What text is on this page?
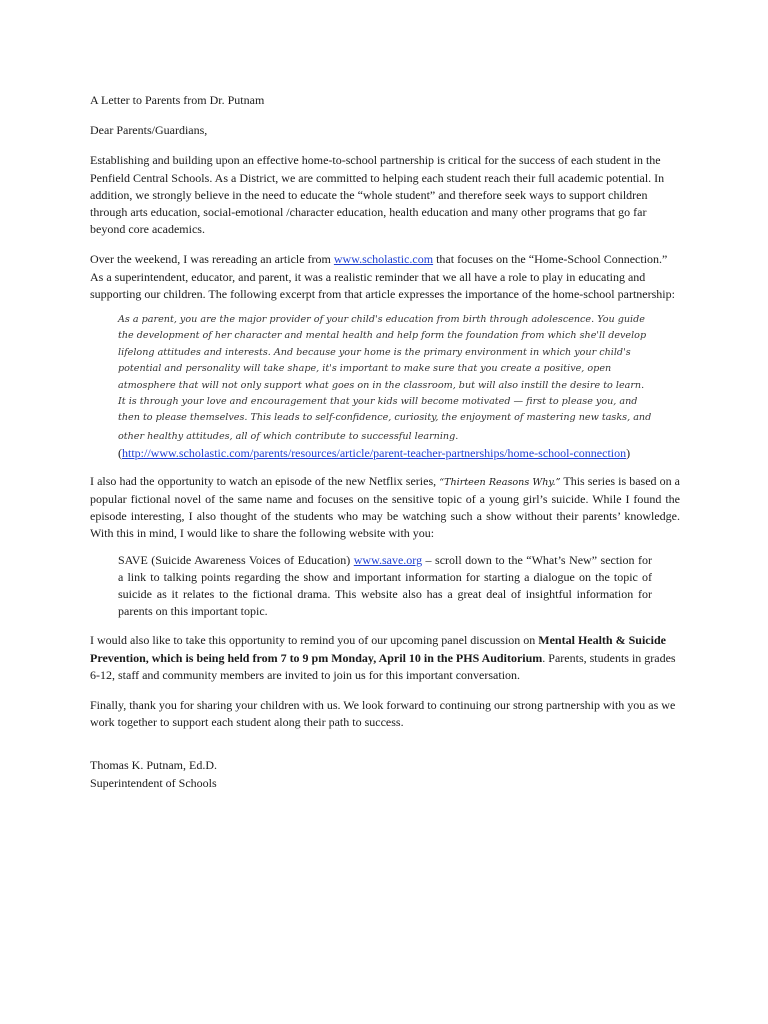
A Letter to Parents from Dr. Putnam

Dear Parents/Guardians,

Establishing and building upon an effective home-to-school partnership is critical for the success of each student in the Penfield Central Schools. As a District, we are committed to helping each student reach their full academic potential. In addition, we strongly believe in the need to educate the “whole student” and therefore seek ways to support children through arts education, social-emotional /character education, health education and many other programs that go far beyond core academics.

Over the weekend, I was rereading an article from www.scholastic.com that focuses on the “Home-School Connection.” As a superintendent, educator, and parent, it was a realistic reminder that we all have a role to play in educating and supporting our children. The following excerpt from that article expresses the importance of the home-school partnership:

As a parent, you are the major provider of your child's education from birth through adolescence. You guide the development of her character and mental health and help form the foundation from which she'll develop lifelong attitudes and interests. And because your home is the primary environment in which your child's potential and personality will take shape, it's important to make sure that you create a positive, open atmosphere that will not only support what goes on in the classroom, but will also instill the desire to learn. It is through your love and encouragement that your kids will become motivated — first to please you, and then to please themselves. This leads to self-confidence, curiosity, the enjoyment of mastering new tasks, and other healthy attitudes, all of which contribute to successful learning.
(http://www.scholastic.com/parents/resources/article/parent-teacher-partnerships/home-school-connection)

I also had the opportunity to watch an episode of the new Netflix series, “Thirteen Reasons Why.” This series is based on a popular fictional novel of the same name and focuses on the sensitive topic of a young girl’s suicide. While I found the episode interesting, I also thought of the students who may be watching such a show without their parents’ knowledge. With this in mind, I would like to share the following website with you:

SAVE (Suicide Awareness Voices of Education) www.save.org – scroll down to the “What’s New” section for a link to talking points regarding the show and important information for starting a dialogue on the topic of suicide as it relates to the fictional drama. This website also has a great deal of insightful information for parents on this important topic.

I would also like to take this opportunity to remind you of our upcoming panel discussion on Mental Health & Suicide Prevention, which is being held from 7 to 9 pm Monday, April 10 in the PHS Auditorium. Parents, students in grades 6-12, staff and community members are invited to join us for this important conversation.

Finally, thank you for sharing your children with us. We look forward to continuing our strong partnership with you as we work together to support each student along their path to success.

Thomas K. Putnam, Ed.D.

Superintendent of Schools
